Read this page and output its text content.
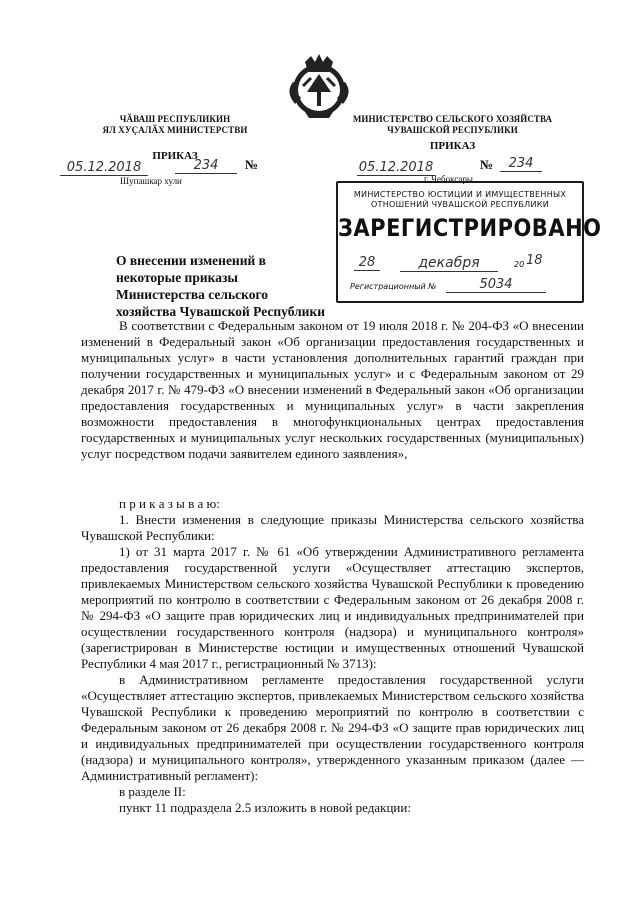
ЧӐВАШ РЕСПУБЛИКИН
ЯЛ ХУҪАЛӐХ МИНИСТЕРСТВИ
ПРИКАЗ
05.12.2018	234	№
Шупашкар хули
МИНИСТЕРСТВО СЕЛЬСКОГО ХОЗЯЙСТВА
ЧУВАШСКОЙ РЕСПУБЛИКИ
ПРИКАЗ
05.12.2018	№	234
г. Чебоксары
МИНИСТЕРСТВО ЮСТИЦИИ И ИМУЩЕСТВЕННЫХ
ОТНОШЕНИЙ ЧУВАШСКОЙ РЕСПУБЛИКИ
ЗАРЕГИСТРИРОВАНО
28	декабря	20 18
Регистрационный №	5034
О внесении изменений в некоторые приказы Министерства сельского хозяйства Чувашской Республики

В соответствии с Федеральным законом от 19 июля 2018 г. № 204-ФЗ «О внесении изменений в Федеральный закон «Об организации предоставления государственных и муниципальных услуг» в части установления дополнительных гарантий граждан при получении государственных и муниципальных услуг» и с Федеральным законом от 29 декабря 2017 г. № 479-ФЗ «О внесении изменений в Федеральный закон «Об организации предоставления государственных и муниципальных услуг» в части закрепления возможности предоставления в многофункциональных центрах предоставления государственных и муниципальных услуг нескольких государственных (муниципальных) услуг посредством подачи заявителем единого заявления»,

п р и к а з ы в а ю:

1. Внести изменения в следующие приказы Министерства сельского хозяйства Чувашской Республики:

1) от 31 марта 2017 г. № 61 «Об утверждении Административного регламента предоставления государственной услуги «Осуществляет аттестацию экспертов, привлекаемых Министерством сельского хозяйства Чувашской Республики к проведению мероприятий по контролю в соответствии с Федеральным законом от 26 декабря 2008 г. № 294-ФЗ «О защите прав юридических лиц и индивидуальных предпринимателей при осуществлении государственного контроля (надзора) и муниципального контроля» (зарегистрирован в Министерстве юстиции и имущественных отношений Чувашской Республики 4 мая 2017 г., регистрационный № 3713):

в Административном регламенте предоставления государственной услуги «Осуществляет аттестацию экспертов, привлекаемых Министерством сельского хозяйства Чувашской Республики к проведению мероприятий по контролю в соответствии с Федеральным законом от 26 декабря 2008 г. № 294-ФЗ «О защите прав юридических лиц и индивидуальных предпринимателей при осуществлении государственного контроля (надзора) и муниципального контроля», утвержденного указанным приказом (далее — Административный регламент):

в разделе II:

пункт 11 подраздела 2.5 изложить в новой редакции:
